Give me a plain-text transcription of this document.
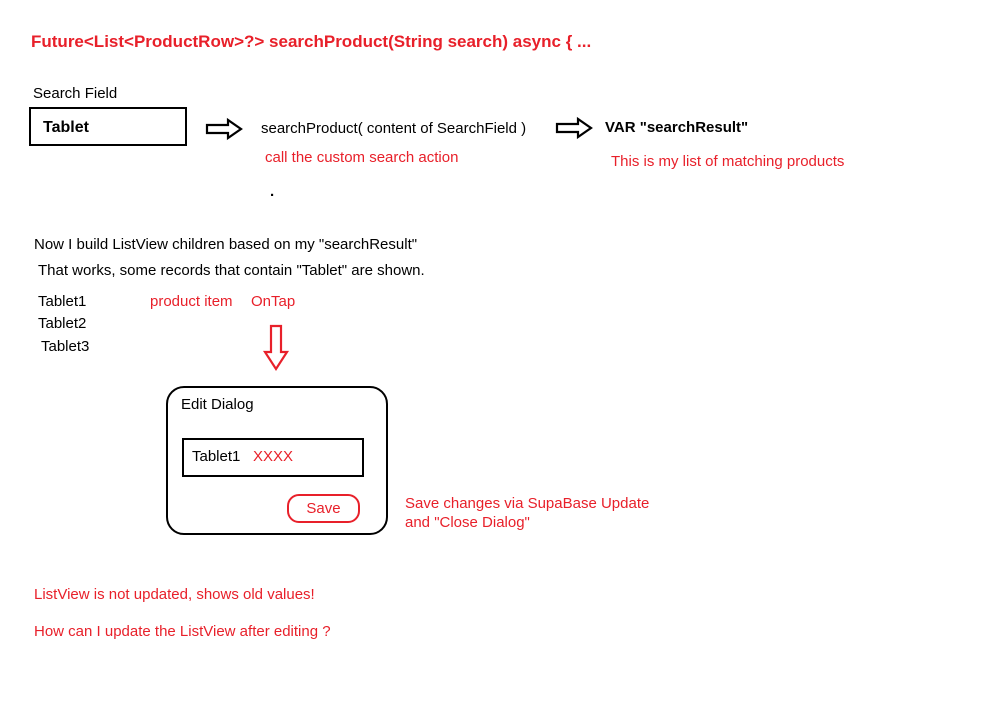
Future<List<ProductRow>?> searchProduct(String search) async { ...
Search Field
Tablet	searchProduct( content of SearchField )
call the custom search action
.
VAR "searchResult"
This is my list of matching products
Now I build ListView children based on my "searchResult"
That works, some records that contain "Tablet" are shown.
Tablet1
Tablet2
Tablet3
product item OnTap
Edit Dialog
Tablet1 XXXX
Save	Save changes via SupaBase Update
and "Close Dialog"
ListView is not updated, shows old values!
How can I update the ListView after editing ?
